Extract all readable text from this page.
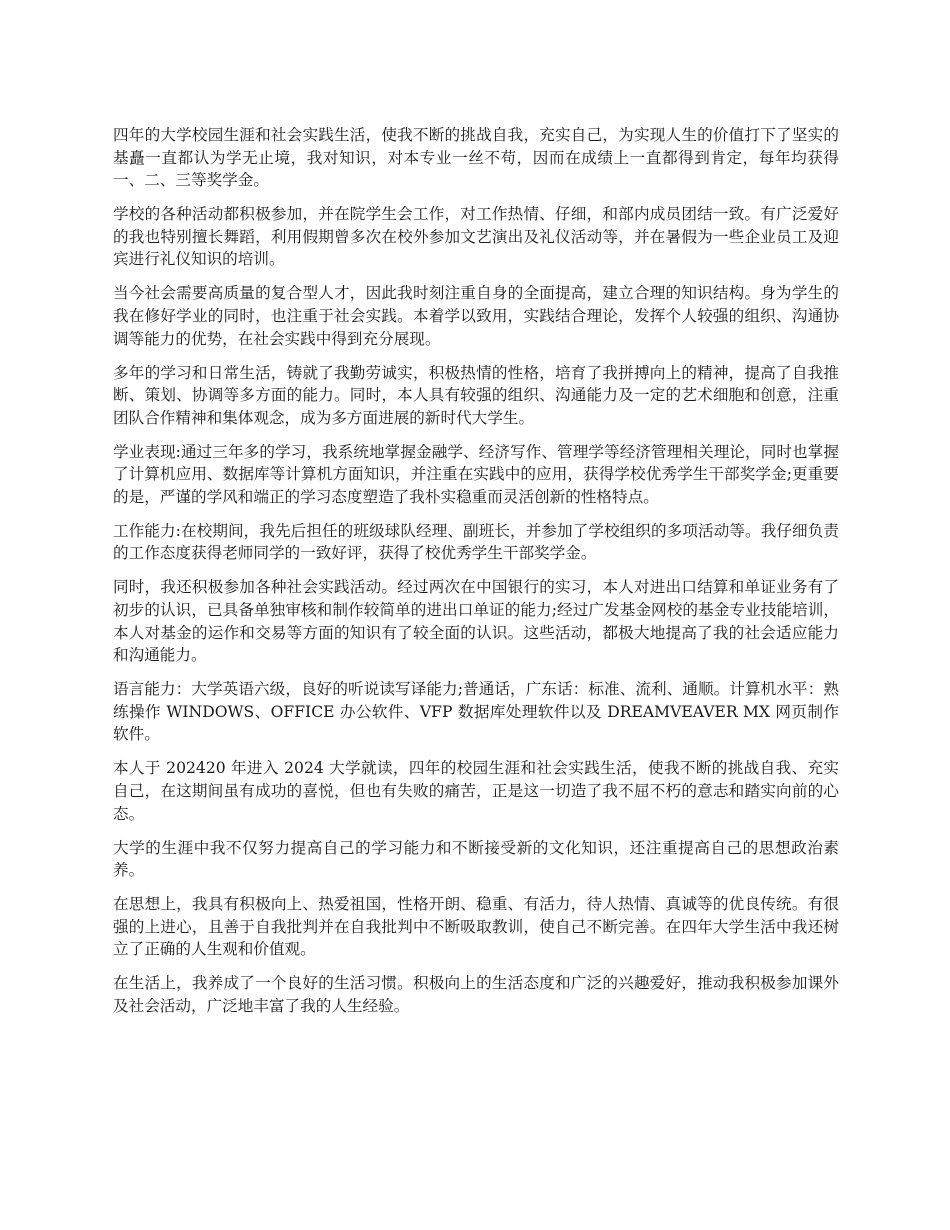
四年的大学校园生涯和社会实践生活，使我不断的挑战自我，充实自己，为实现人生的价值打下了坚实的基矗一直都认为学无止境，我对知识，对本专业一丝不苟，因而在成绩上一直都得到肯定，每年均获得一、二、三等奖学金。

学校的各种活动都积极参加，并在院学生会工作，对工作热情、仔细，和部内成员团结一致。有广泛爱好的我也特别擅长舞蹈，利用假期曾多次在校外参加文艺演出及礼仪活动等，并在暑假为一些企业员工及迎宾进行礼仪知识的培训。

当今社会需要高质量的复合型人才，因此我时刻注重自身的全面提高，建立合理的知识结构。身为学生的我在修好学业的同时，也注重于社会实践。本着学以致用，实践结合理论，发挥个人较强的组织、沟通协调等能力的优势，在社会实践中得到充分展现。

多年的学习和日常生活，铸就了我勤劳诚实，积极热情的性格，培育了我拼搏向上的精神，提高了自我推断、策划、协调等多方面的能力。同时，本人具有较强的组织、沟通能力及一定的艺术细胞和创意，注重团队合作精神和集体观念，成为多方面进展的新时代大学生。

学业表现:通过三年多的学习，我系统地掌握金融学、经济写作、管理学等经济管理相关理论，同时也掌握了计算机应用、数据库等计算机方面知识，并注重在实践中的应用，获得学校优秀学生干部奖学金;更重要的是，严谨的学风和端正的学习态度塑造了我朴实稳重而灵活创新的性格特点。

工作能力:在校期间，我先后担任的班级球队经理、副班长，并参加了学校组织的多项活动等。我仔细负责的工作态度获得老师同学的一致好评，获得了校优秀学生干部奖学金。

同时，我还积极参加各种社会实践活动。经过两次在中国银行的实习，本人对进出口结算和单证业务有了初步的认识，已具备单独审核和制作较简单的进出口单证的能力;经过广发基金网校的基金专业技能培训，本人对基金的运作和交易等方面的知识有了较全面的认识。这些活动，都极大地提高了我的社会适应能力和沟通能力。

语言能力：大学英语六级，良好的听说读写译能力;普通话，广东话：标准、流利、通顺。计算机水平：熟练操作 WINDOWS、OFFICE 办公软件、VFP 数据库处理软件以及 DREAMVEAVER MX 网页制作软件。

本人于 202420 年进入 2024 大学就读，四年的校园生涯和社会实践生活，使我不断的挑战自我、充实自己，在这期间虽有成功的喜悦，但也有失败的痛苦，正是这一切造了我不屈不朽的意志和踏实向前的心态。

大学的生涯中我不仅努力提高自己的学习能力和不断接受新的文化知识，还注重提高自己的思想政治素养。

在思想上，我具有积极向上、热爱祖国，性格开朗、稳重、有活力，待人热情、真诚等的优良传统。有很强的上进心，且善于自我批判并在自我批判中不断吸取教训，使自己不断完善。在四年大学生活中我还树立了正确的人生观和价值观。

在生活上，我养成了一个良好的生活习惯。积极向上的生活态度和广泛的兴趣爱好，推动我积极参加课外及社会活动，广泛地丰富了我的人生经验。
